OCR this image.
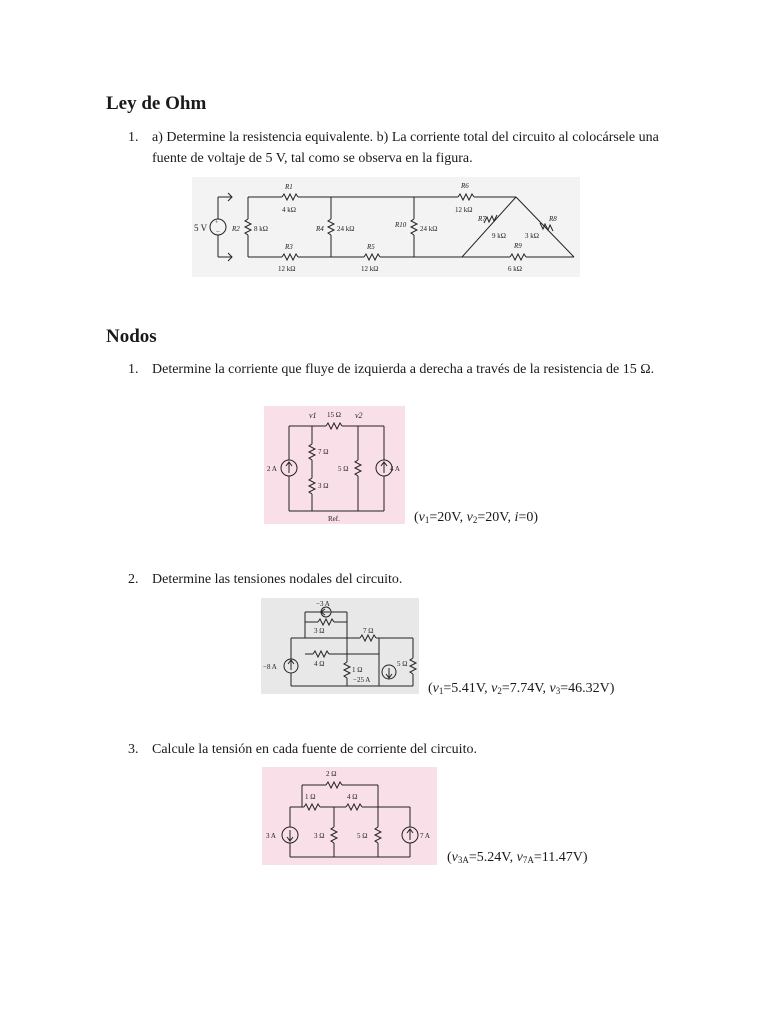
Ley de Ohm
1. a) Determine la resistencia equivalente. b) La corriente total del circuito al colocársele una fuente de voltaje de 5 V, tal como se observa en la figura.
5 V +
−
R1
4 kΩ
R2 8 kΩ	R4 24 kΩ	R10 24 kΩ
R3
12 kΩ
R5
12 kΩ
R6
12 kΩ
R7
9 kΩ
R8
3 kΩ
R9
6 kΩ
Nodos
1. Determine la corriente que fluye de izquierda a derecha a través de la resistencia de 15 Ω.
v1	v2
15 Ω
7 Ω
3 Ω
5 Ω
2 A	4 A
Ref.	($v_1=20V$, $v_2=20V$, i=0)
2. Determine las tensiones nodales del circuito.
−3 A
3 Ω	7 Ω
4 Ω
1 Ω
5 Ω
−8 A
−25 A
($v_1=5.41V$, $v_2=7.74V$, $v_3=46.32V$)
3. Calcule la tensión en cada fuente de corriente del circuito.
2 Ω
1 Ω	4 Ω
3 Ω	5 Ω
3 A	7 A
($v_{3A}=5.24V$, $v_{7A}=11.47V$)
